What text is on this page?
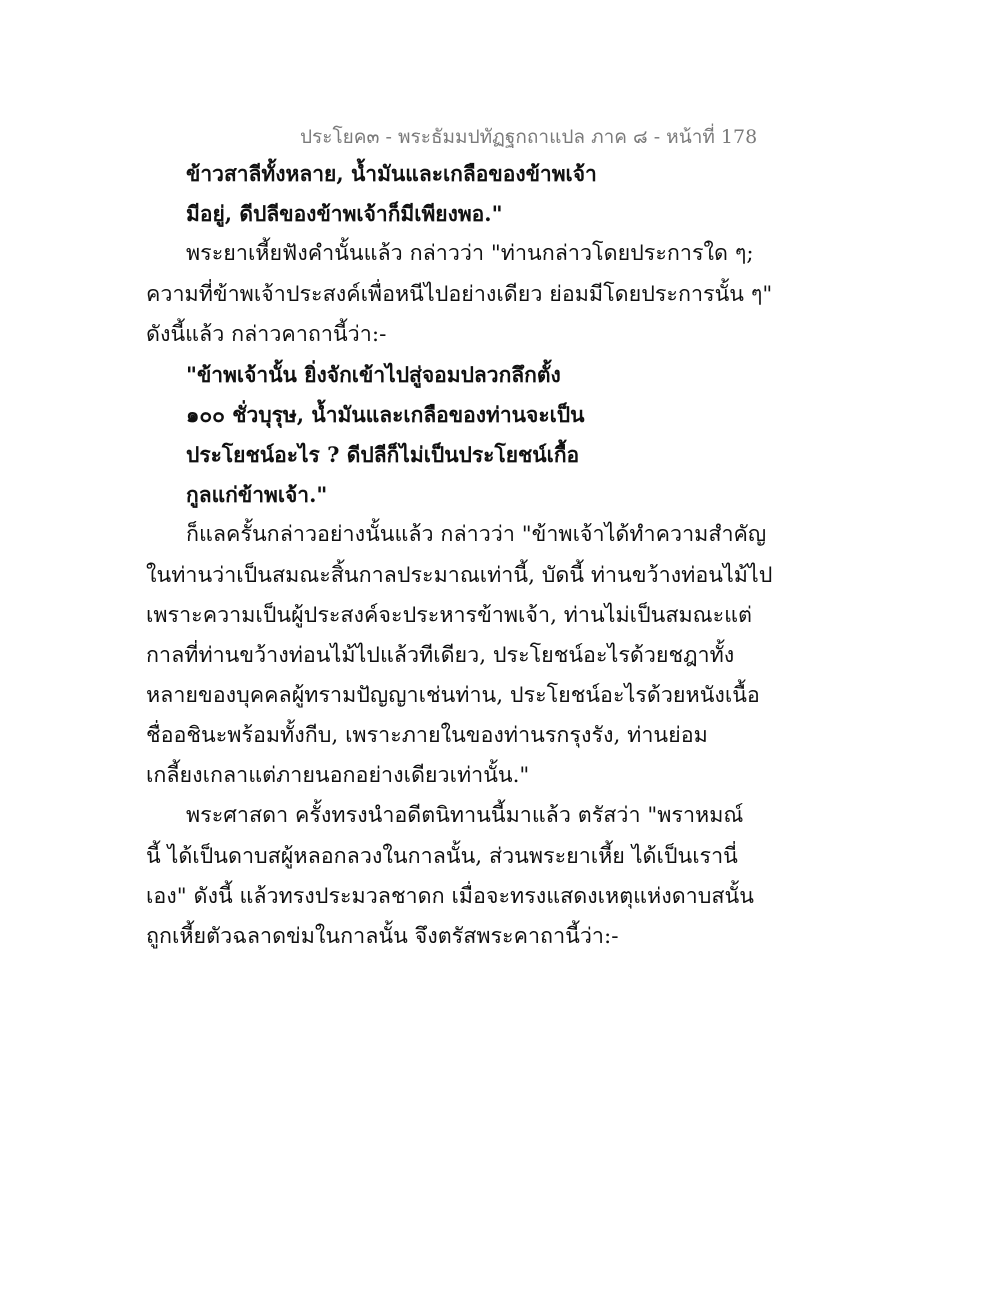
ประโยค๓ - พระธัมมปทัฏฐกถาแปล ภาค ๘ - หน้าที่ 178
ข้าวสาลีทั้งหลาย, น้ำมันและเกลือของข้าพเจ้า
มีอยู่, ดีปลีของข้าพเจ้าก็มีเพียงพอ."
พระยาเหี้ยฟังคำนั้นแล้ว กล่าวว่า "ท่านกล่าวโดยประการใด ๆ;
ความที่ข้าพเจ้าประสงค์เพื่อหนีไปอย่างเดียว ย่อมมีโดยประการนั้น ๆ"
ดังนี้แล้ว กล่าวคาถานี้ว่า:-
"ข้าพเจ้านั้น ยิ่งจักเข้าไปสู่จอมปลวกลึกตั้ง
๑๐๐ ชั่วบุรุษ, น้ำมันและเกลือของท่านจะเป็น
ประโยชน์อะไร ? ดีปลีก็ไม่เป็นประโยชน์เกื้อ
กูลแก่ข้าพเจ้า."
ก็แลครั้นกล่าวอย่างนั้นแล้ว กล่าวว่า "ข้าพเจ้าได้ทำความสำคัญ
ในท่านว่าเป็นสมณะสิ้นกาลประมาณเท่านี้, บัดนี้ ท่านขว้างท่อนไม้ไป
เพราะความเป็นผู้ประสงค์จะประหารข้าพเจ้า, ท่านไม่เป็นสมณะแต่
กาลที่ท่านขว้างท่อนไม้ไปแล้วทีเดียว, ประโยชน์อะไรด้วยชฎาทั้ง
หลายของบุคคลผู้ทรามปัญญาเช่นท่าน, ประโยชน์อะไรด้วยหนังเนื้อ
ชื่ออชินะพร้อมทั้งกีบ, เพราะภายในของท่านรกรุงรัง, ท่านย่อม
เกลี้ยงเกลาแต่ภายนอกอย่างเดียวเท่านั้น."
พระศาสดา ครั้งทรงนำอดีตนิทานนี้มาแล้ว ตรัสว่า "พราหมณ์
นี้ ได้เป็นดาบสผู้หลอกลวงในกาลนั้น, ส่วนพระยาเหี้ย ได้เป็นเรานี่
เอง" ดังนี้ แล้วทรงประมวลชาดก เมื่อจะทรงแสดงเหตุแห่งดาบสนั้น
ถูกเหี้ยตัวฉลาดข่มในกาลนั้น จึงตรัสพระคาถานี้ว่า:-
